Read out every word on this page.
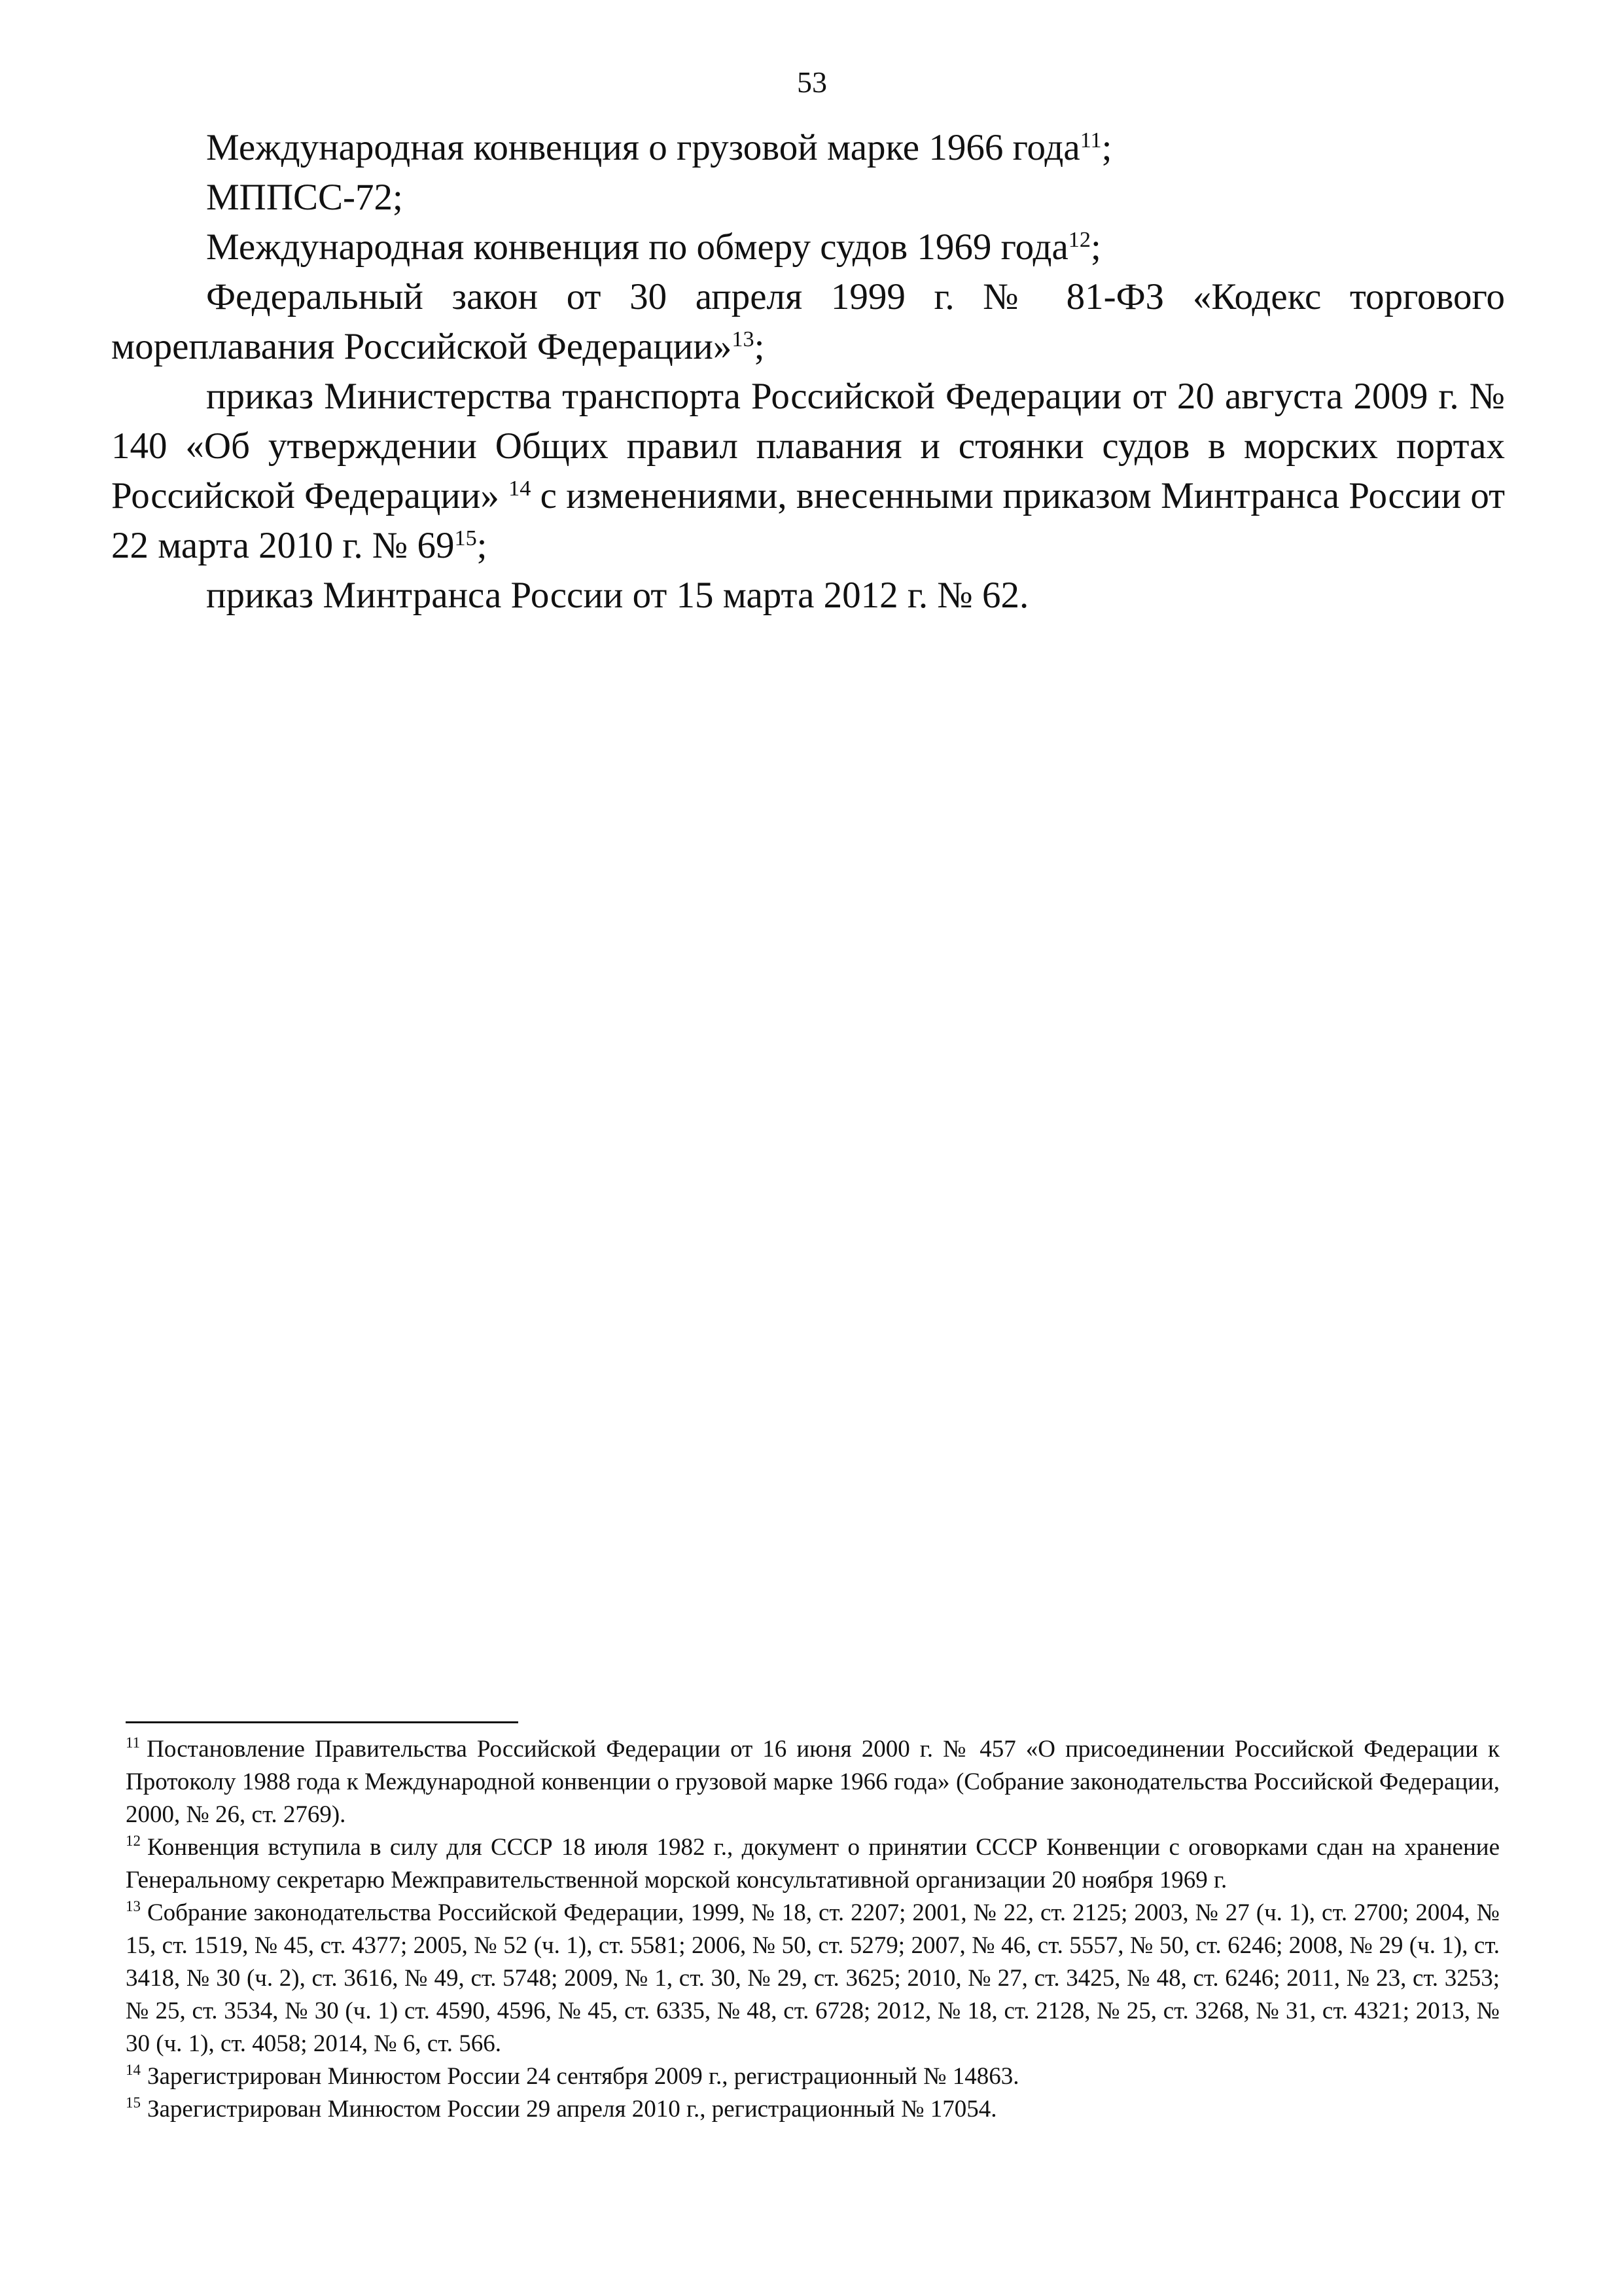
53

Международная конвенция о грузовой марке 1966 года$^{11}$;

МППСС-72;

Международная конвенция по обмеру судов 1969 года$^{12}$;

Федеральный закон от 30 апреля 1999 г. № 81-ФЗ «Кодекс торгового мореплавания Российской Федерации»$^{13}$;

приказ Министерства транспорта Российской Федерации от 20 августа 2009 г. № 140 «Об утверждении Общих правил плавания и стоянки судов в морских портах Российской Федерации» $^{14}$ с изменениями, внесенными приказом Минтранса России от 22 марта 2010 г. № $69^{15}$;

приказ Минтранса России от 15 марта 2012 г. № 62.

$^{11}$ Постановление Правительства Российской Федерации от 16 июня 2000 г. № 457 «О присоединении Российской Федерации к Протоколу 1988 года к Международной конвенции о грузовой марке 1966 года» (Собрание законодательства Российской Федерации, 2000, № 26, ст. 2769).

$^{12}$ Конвенция вступила в силу для СССР 18 июля 1982 г., документ о принятии СССР Конвенции с оговорками сдан на хранение Генеральному секретарю Межправительственной морской консультативной организации 20 ноября 1969 г.

$^{13}$ Собрание законодательства Российской Федерации, 1999, № 18, ст. 2207; 2001, № 22, ст. 2125; 2003, № 27 (ч. 1), ст. 2700; 2004, № 15, ст. 1519, № 45, ст. 4377; 2005, № 52 (ч. 1), ст. 5581; 2006, № 50, ст. 5279; 2007, № 46, ст. 5557, № 50, ст. 6246; 2008, № 29 (ч. 1), ст. 3418, № 30 (ч. 2), ст. 3616, № 49, ст. 5748; 2009, № 1, ст. 30, № 29, ст. 3625; 2010, № 27, ст. 3425, № 48, ст. 6246; 2011, № 23, ст. 3253; № 25, ст. 3534, № 30 (ч. 1) ст. 4590, 4596, № 45, ст. 6335, № 48, ст. 6728; 2012, № 18, ст. 2128, № 25, ст. 3268, № 31, ст. 4321; 2013, № 30 (ч. 1), ст. 4058; 2014, № 6, ст. 566.

$^{14}$ Зарегистрирован Минюстом России 24 сентября 2009 г., регистрационный № 14863.

$^{15}$ Зарегистрирован Минюстом России 29 апреля 2010 г., регистрационный № 17054.
